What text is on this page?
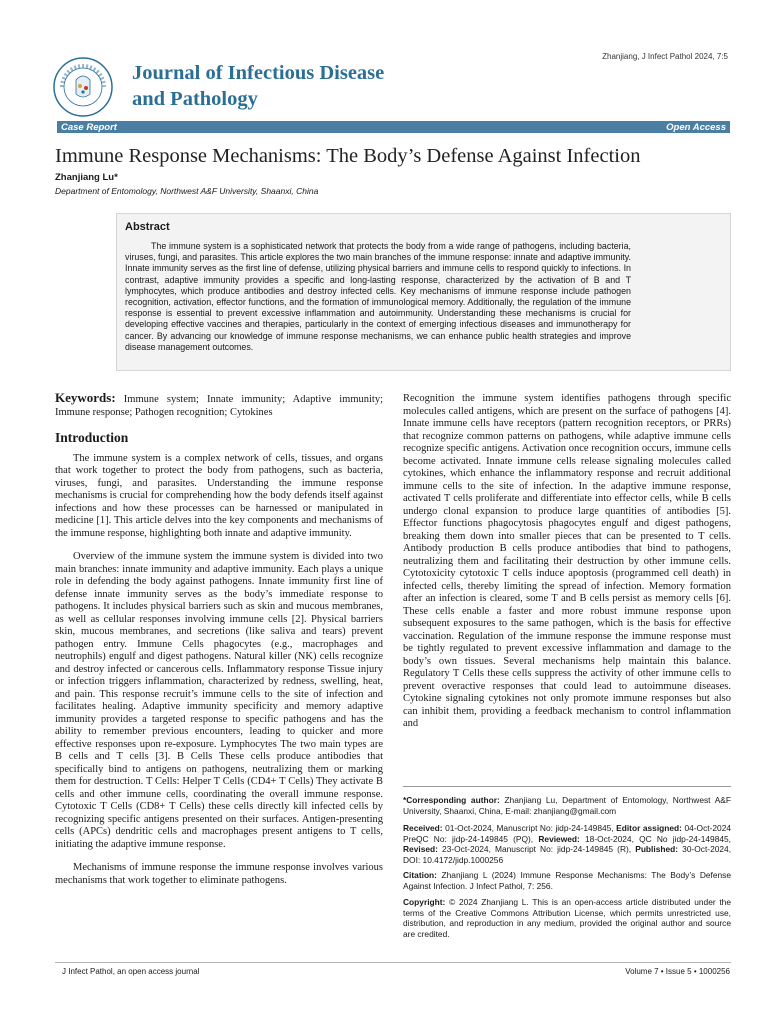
Zhanjiang, J Infect Pathol 2024, 7:5
Journal of Infectious Disease
and Pathology
Case Report	Open Access
Immune Response Mechanisms: The Body’s Defense Against Infection
Zhanjiang Lu*
Department of Entomology, Northwest A&F University, Shaanxi, China
Abstract

The immune system is a sophisticated network that protects the body from a wide range of pathogens, including bacteria, viruses, fungi, and parasites. This article explores the two main branches of the immune response: innate and adaptive immunity. Innate immunity serves as the first line of defense, utilizing physical barriers and immune cells to respond quickly to infections. In contrast, adaptive immunity provides a specific and long-lasting response, characterized by the activation of B and T lymphocytes, which produce antibodies and destroy infected cells. Key mechanisms of immune response include pathogen recognition, activation, effector functions, and the formation of immunological memory. Additionally, the regulation of the immune response is essential to prevent excessive inflammation and autoimmunity. Understanding these mechanisms is crucial for developing effective vaccines and therapies, particularly in the context of emerging infectious diseases and immunotherapy for cancer. By advancing our knowledge of immune response mechanisms, we can enhance public health strategies and improve disease management outcomes.

Keywords: Immune system; Innate immunity; Adaptive immunity; Immune response; Pathogen recognition; Cytokines

Introduction

The immune system is a complex network of cells, tissues, and organs that work together to protect the body from pathogens, such as bacteria, viruses, fungi, and parasites. Understanding the immune response mechanisms is crucial for comprehending how the body defends itself against infections and how these processes can be harnessed or manipulated in medicine [1]. This article delves into the key components and mechanisms of the immune response, highlighting both innate and adaptive immunity.

Overview of the immune system the immune system is divided into two main branches: innate immunity and adaptive immunity. Each plays a unique role in defending the body against pathogens. Innate immunity first line of defense innate immunity serves as the body’s immediate response to pathogens. It includes physical barriers such as skin and mucous membranes, as well as cellular responses involving immune cells [2]. Physical barriers skin, mucous membranes, and secretions (like saliva and tears) prevent pathogen entry. Immune Cells phagocytes (e.g., macrophages and neutrophils) engulf and digest pathogens. Natural killer (NK) cells recognize and destroy infected or cancerous cells. Inflammatory response Tissue injury or infection triggers inflammation, characterized by redness, swelling, heat, and pain. This response recruit’s immune cells to the site of infection and facilitates healing. Adaptive immunity specificity and memory adaptive immunity provides a targeted response to specific pathogens and has the ability to remember previous encounters, leading to quicker and more effective responses upon re-exposure. Lymphocytes The two main types are B cells and T cells [3]. B Cells These cells produce antibodies that specifically bind to antigens on pathogens, neutralizing them or marking them for destruction. T Cells: Helper T Cells (CD4+ T Cells) They activate B cells and other immune cells, coordinating the overall immune response. Cytotoxic T Cells (CD8+ T Cells) these cells directly kill infected cells by recognizing specific antigens presented on their surfaces. Antigen-presenting cells (APCs) dendritic cells and macrophages present antigens to T cells, initiating the adaptive immune response.

Mechanisms of immune response the immune response involves various mechanisms that work together to eliminate pathogens.

Recognition the immune system identifies pathogens through specific molecules called antigens, which are present on the surface of pathogens [4]. Innate immune cells have receptors (pattern recognition receptors, or PRRs) that recognize common patterns on pathogens, while adaptive immune cells recognize specific antigens. Activation once recognition occurs, immune cells become activated. Innate immune cells release signaling molecules called cytokines, which enhance the inflammatory response and recruit additional immune cells to the site of infection. In the adaptive immune response, activated T cells proliferate and differentiate into effector cells, while B cells undergo clonal expansion to produce large quantities of antibodies [5]. Effector functions phagocytosis phagocytes engulf and digest pathogens, breaking them down into smaller pieces that can be presented to T cells. Antibody production B cells produce antibodies that bind to pathogens, neutralizing them and facilitating their destruction by other immune cells. Cytotoxicity cytotoxic T cells induce apoptosis (programmed cell death) in infected cells, thereby limiting the spread of infection. Memory formation after an infection is cleared, some T and B cells persist as memory cells [6]. These cells enable a faster and more robust immune response upon subsequent exposures to the same pathogen, which is the basis for effective vaccination. Regulation of the immune response the immune response must be tightly regulated to prevent excessive inflammation and damage to the body’s own tissues. Several mechanisms help maintain this balance. Regulatory T Cells these cells suppress the activity of other immune cells to prevent overactive responses that could lead to autoimmune diseases. Cytokine signaling cytokines not only promote immune responses but also can inhibit them, providing a feedback mechanism to control inflammation and

*Corresponding author: Zhanjiang Lu, Department of Entomology, Northwest A&F University, Shaanxi, China, E-mail: zhanjiang@gmail.com

Received: 01-Oct-2024, Manuscript No: jidp-24-149845, Editor assigned: 04-Oct-2024 PreQC No: jidp-24-149845 (PQ), Reviewed: 18-Oct-2024, QC No jidp-24-149845, Revised: 23-Oct-2024, Manuscript No: jidp-24-149845 (R), Published: 30-Oct-2024, DOI: 10.4172/jidp.1000256

Citation: Zhanjiang L (2024) Immune Response Mechanisms: The Body’s Defense Against Infection. J Infect Pathol, 7: 256.

Copyright: © 2024 Zhanjiang L. This is an open-access article distributed under the terms of the Creative Commons Attribution License, which permits unrestricted use, distribution, and reproduction in any medium, provided the original author and source are credited.

J Infect Pathol, an open access journal	Volume 7 • Issue 5 • 1000256
